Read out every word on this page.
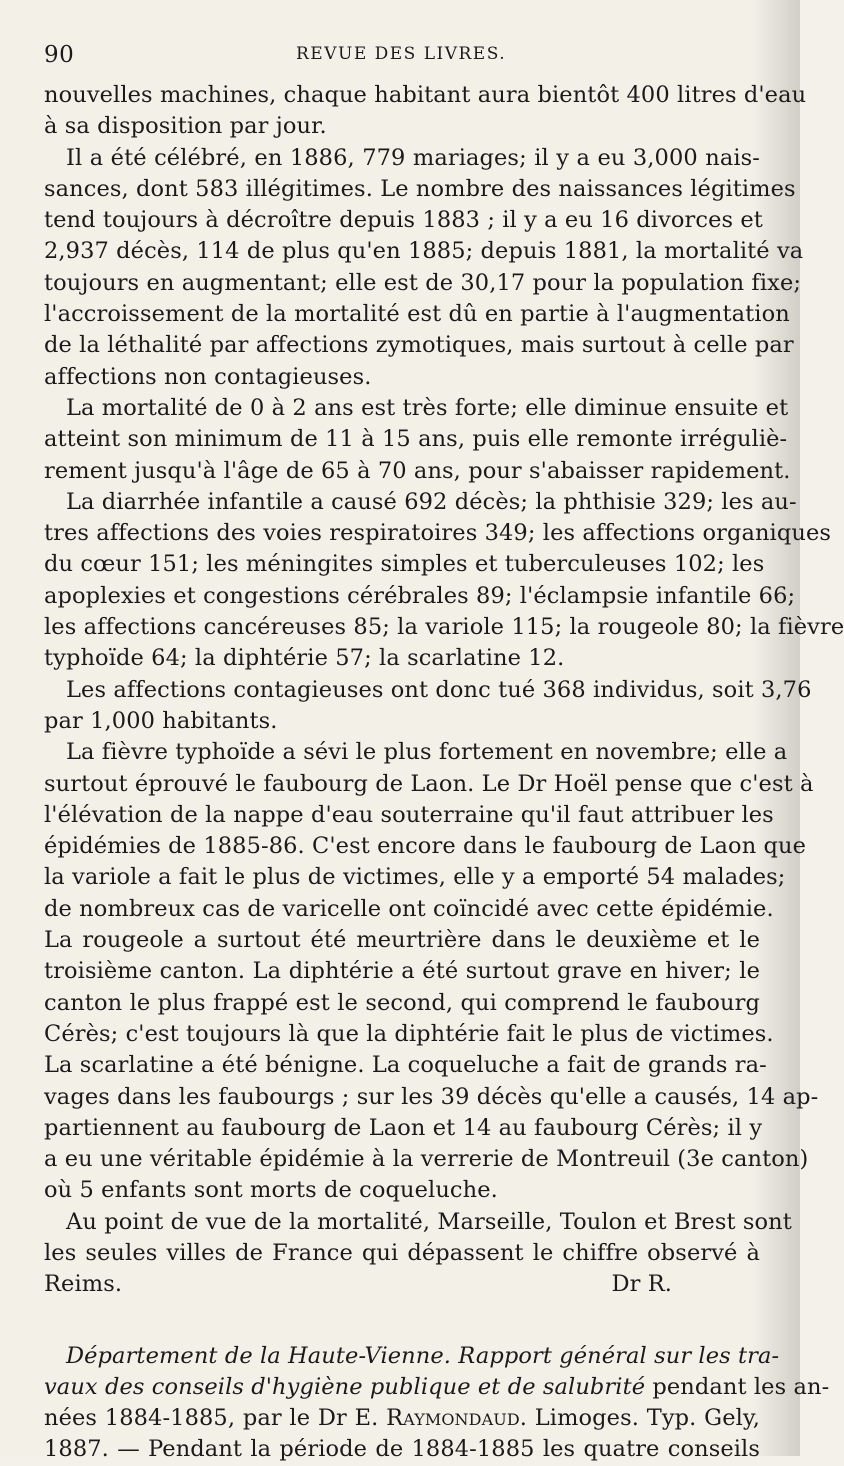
90	REVUE DES LIVRES.
nouvelles machines, chaque habitant aura bientôt 400 litres d'eau
à sa disposition par jour.
Il a été célébré, en 1886, 779 mariages; il y a eu 3,000 nais-
sances, dont 583 illégitimes. Le nombre des naissances légitimes
tend toujours à décroître depuis 1883 ; il y a eu 16 divorces et
2,937 décès, 114 de plus qu'en 1885; depuis 1881, la mortalité va
toujours en augmentant; elle est de 30,17 pour la population fixe;
l'accroissement de la mortalité est dû en partie à l'augmentation
de la léthalité par affections zymotiques, mais surtout à celle par
affections non contagieuses.
La mortalité de 0 à 2 ans est très forte; elle diminue ensuite et
atteint son minimum de 11 à 15 ans, puis elle remonte irréguliè-
rement jusqu'à l'âge de 65 à 70 ans, pour s'abaisser rapidement.
La diarrhée infantile a causé 692 décès; la phthisie 329; les au-
tres affections des voies respiratoires 349; les affections organiques
du cœur 151; les méningites simples et tuberculeuses 102; les
apoplexies et congestions cérébrales 89; l'éclampsie infantile 66;
les affections cancéreuses 85; la variole 115; la rougeole 80; la fièvre
typhoïde 64; la diphtérie 57; la scarlatine 12.
Les affections contagieuses ont donc tué 368 individus, soit 3,76
par 1,000 habitants.
La fièvre typhoïde a sévi le plus fortement en novembre; elle a
surtout éprouvé le faubourg de Laon. Le Dr Hoël pense que c'est à
l'élévation de la nappe d'eau souterraine qu'il faut attribuer les
épidémies de 1885-86. C'est encore dans le faubourg de Laon que
la variole a fait le plus de victimes, elle y a emporté 54 malades;
de nombreux cas de varicelle ont coïncidé avec cette épidémie.
La rougeole a surtout été meurtrière dans le deuxième et le
troisième canton. La diphtérie a été surtout grave en hiver; le
canton le plus frappé est le second, qui comprend le faubourg
Cérès; c'est toujours là que la diphtérie fait le plus de victimes.
La scarlatine a été bénigne. La coqueluche a fait de grands ra-
vages dans les faubourgs ; sur les 39 décès qu'elle a causés, 14 ap-
partiennent au faubourg de Laon et 14 au faubourg Cérès; il y
a eu une véritable épidémie à la verrerie de Montreuil (3e canton)
où 5 enfants sont morts de coqueluche.
Au point de vue de la mortalité, Marseille, Toulon et Brest sont
les seules villes de France qui dépassent le chiffre observé à
Reims.	Dr R.
Département de la Haute-Vienne. Rapport général sur les tra-
vaux des conseils d'hygiène publique et de salubrité pendant les an-
nées 1884-1885, par le Dr E. Raymondaud. Limoges. Typ. Gely,
1887. — Pendant la période de 1884-1885 les quatre conseils
